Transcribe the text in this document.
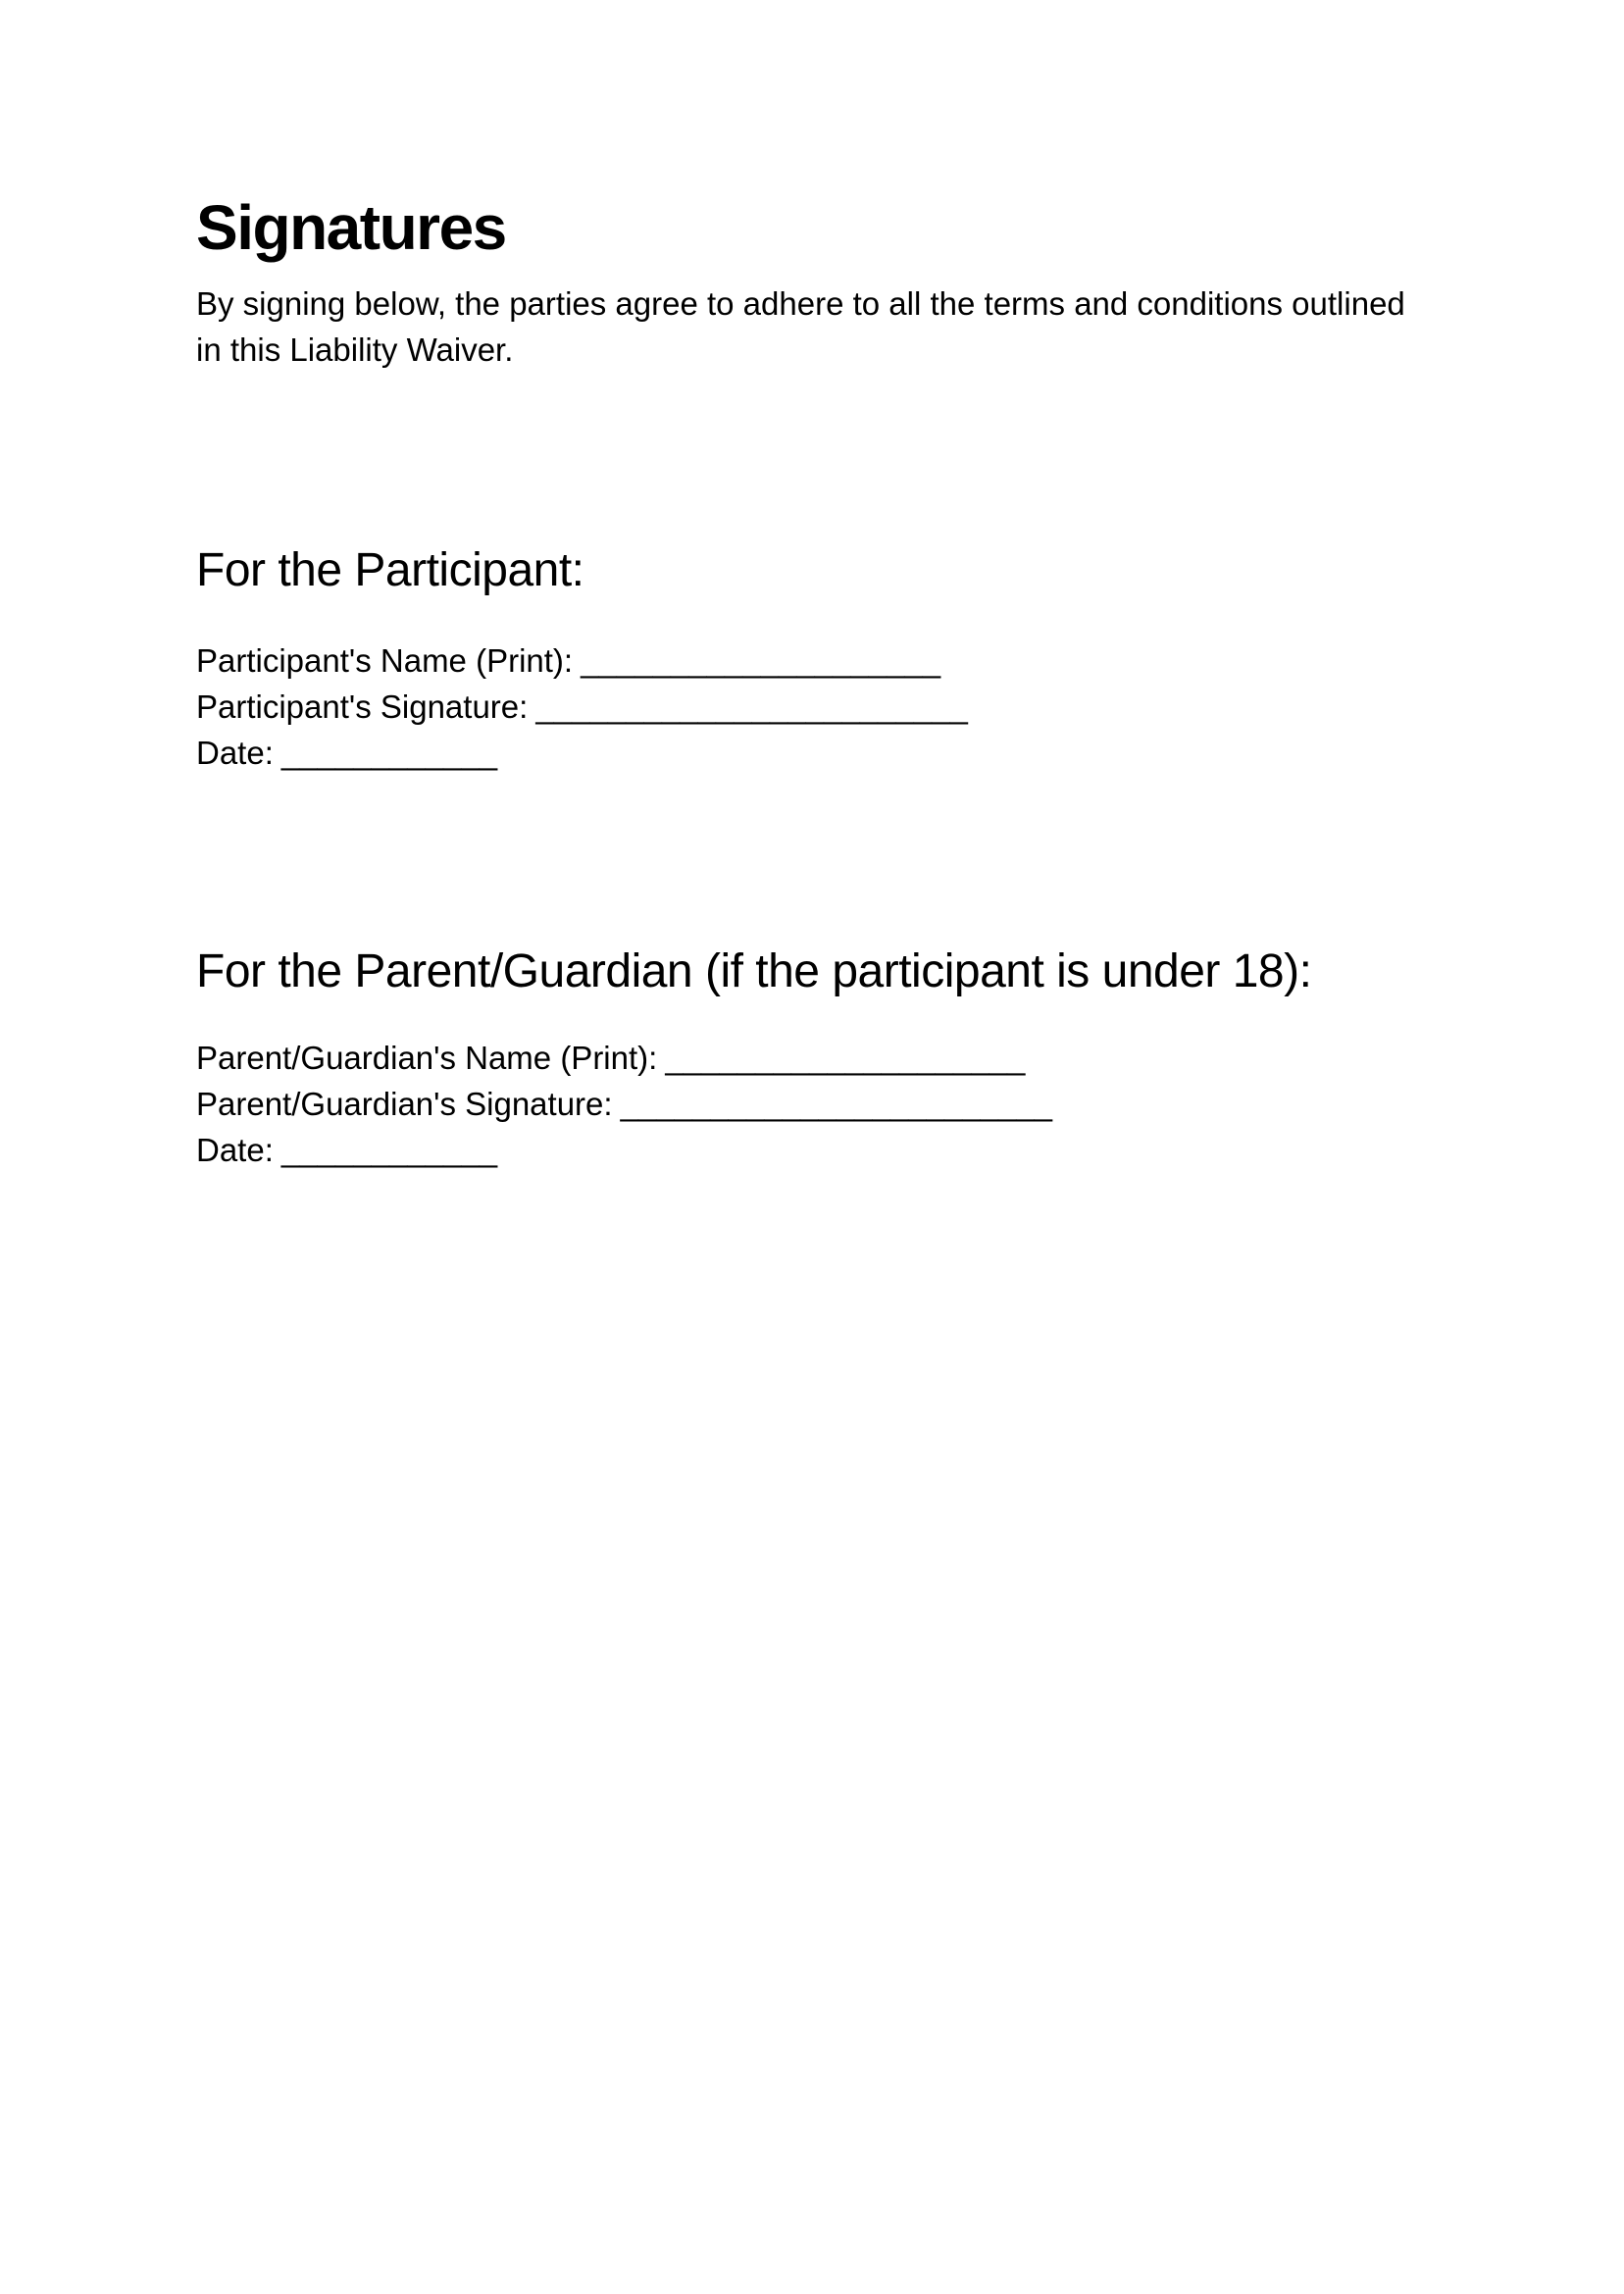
Signatures

By signing below, the parties agree to adhere to all the terms and conditions outlined in this Liability Waiver.

For the Participant:
Participant's Name (Print): ____________________
Participant's Signature: ________________________
Date: ____________
For the Parent/Guardian (if the participant is under 18):
Parent/Guardian's Name (Print): ____________________
Parent/Guardian's Signature: ________________________
Date: ____________
